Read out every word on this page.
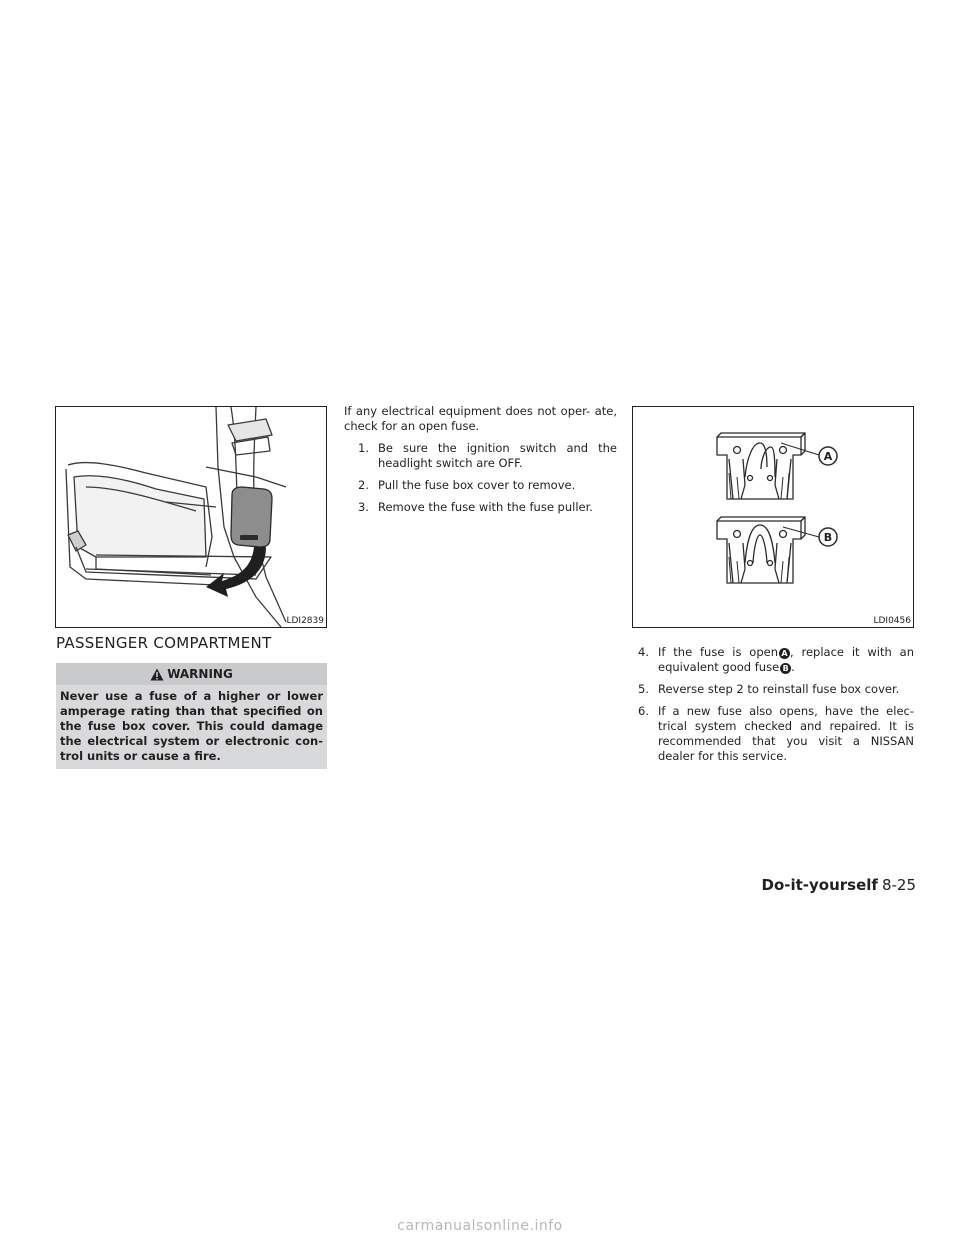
LDI2839
A
B
LDI0456
PASSENGER COMPARTMENT
WARNING
Never use a fuse of a higher or lower amperage rating than that specified on the fuse box cover. This could damage the electrical system or electronic con- trol units or cause a fire.

If any electrical equipment does not oper- ate, check for an open fuse.

1. Be sure the ignition switch and the headlight switch are OFF.
2. Pull the fuse box cover to remove.
3. Remove the fuse with the fuse puller.
4. If the fuse is open A , replace it with an equivalent good fuse B .
5. Reverse step 2 to reinstall fuse box cover.
6. If a new fuse also opens, have the elec- trical system checked and repaired. It is recommended that you visit a NISSAN dealer for this service.
Do-it-yourself 8-25
carmanualsonline.info
